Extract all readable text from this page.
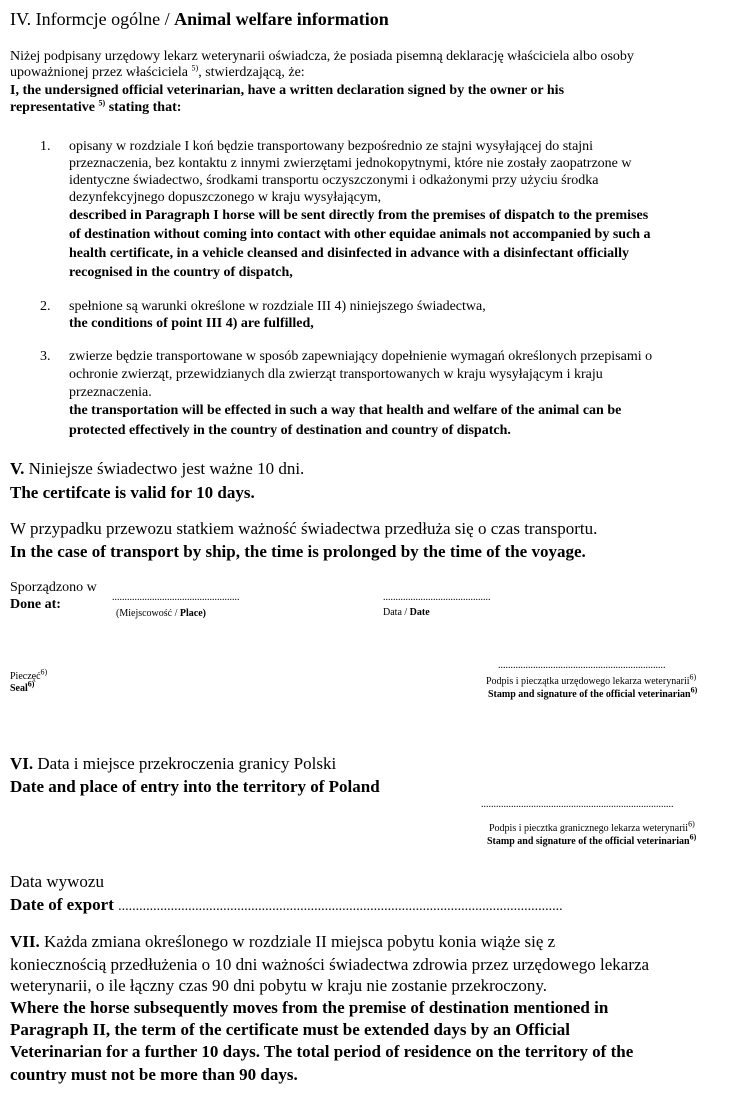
IV. Informcje ogólne / Animal welfare information
Niżej podpisany urzędowy lekarz weterynarii oświadcza, że posiada pisemną deklarację właściciela albo osoby
upoważnionej przez właściciela $^{5)}$, stwierdzającą, że:
I, the undersigned official veterinarian, have a written declaration signed by the owner or his
representative $^{5)}$ stating that:
1. opisany w rozdziale I koń będzie transportowany bezpośrednio ze stajni wysyłającej do stajni
przeznaczenia, bez kontaktu z innymi zwierzętami jednokopytnymi, które nie zostały zaopatrzone w
identyczne świadectwo, środkami transportu oczyszczonymi i odkażonymi przy użyciu środka
dezynfekcyjnego dopuszczonego w kraju wysyłającym,
described in Paragraph I horse will be sent directly from the premises of dispatch to the premises
of destination without coming into contact with other equidae animals not accompanied by such a
health certificate, in a vehicle cleansed and disinfected in advance with a disinfectant officially
recognised in the country of dispatch,
2. spełnione są warunki określone w rozdziale III 4) niniejszego świadectwa,
the conditions of point III 4) are fulfilled,
3. zwierze będzie transportowane w sposób zapewniający dopełnienie wymagań określonych przepisami o
ochronie zwierząt, przewidzianych dla zwierząt transportowanych w kraju wysyłającym i kraju
przeznaczenia.
the transportation will be effected in such a way that health and welfare of the animal can be
protected effectively in the country of destination and country of dispatch.
V. Niniejsze świadectwo jest ważne 10 dni.
The certifcate is valid for 10 days.
W przypadku przewozu statkiem ważność świadectwa przedłuża się o czas transportu.
In the case of transport by ship, the time is prolonged by the time of the voyage.
Sporządzono w
Done at:	...................................................
(Miejscowość / Place)
...........................................
Data / Date
Pieczęć$^{6)}$
Seal$^{6)}$
...................................................................
Podpis i pieczątka urzędowego lekarza weterynarii$^{6)}$
Stamp and signature of the official veterinarian$^{6)}$
VI. Data i miejsce przekroczenia granicy Polski
Date and place of entry into the territory of Poland
.............................................................................
Podpis i piecztka granicznego lekarza weterynarii$^{6)}$
Stamp and signature of the official veterinarian$^{6)}$
Data wywozu
Date of export ...............................................................................................................................
VII. Każda zmiana określonego w rozdziale II miejsca pobytu konia wiąże się z
koniecznością przedłużenia o 10 dni ważności świadectwa zdrowia przez urzędowego lekarza
weterynarii, o ile łączny czas 90 dni pobytu w kraju nie zostanie przekroczony.
Where the horse subsequently moves from the premise of destination mentioned in
Paragraph II, the term of the certificate must be extended days by an Official
Veterinarian for a further 10 days. The total period of residence on the territory of the
country must not be more than 90 days.
